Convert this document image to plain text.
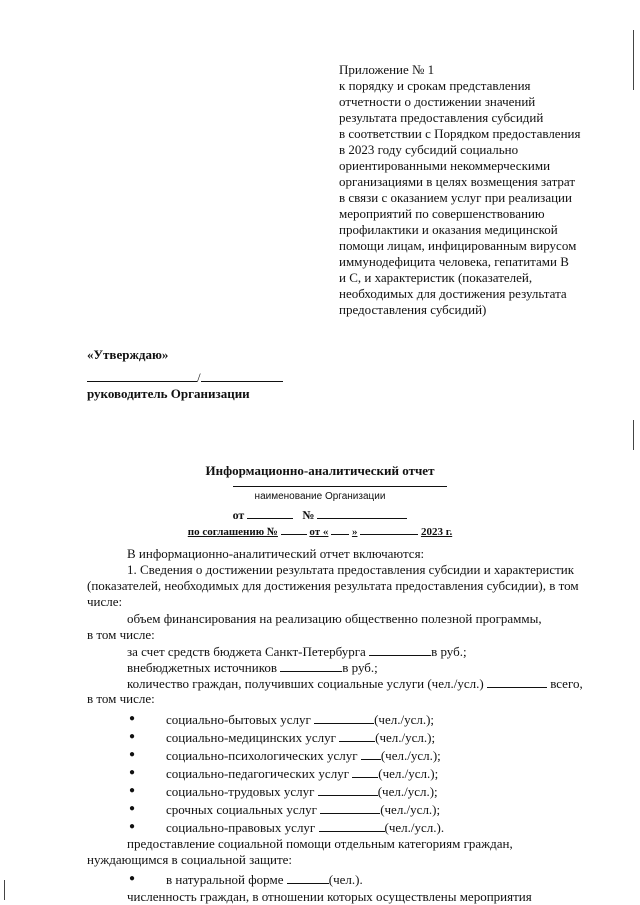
Приложение № 1
к порядку и срокам представления
отчетности о достижении значений
результата предоставления субсидий
в соответствии с Порядком предоставления
в 2023 году субсидий социально
ориентированными некоммерческими
организациями в целях возмещения затрат
в связи с оказанием услуг при реализации
мероприятий по совершенствованию
профилактики и оказания медицинской
помощи лицам, инфицированным вирусом
иммунодефицита человека, гепатитами В
и С, и характеристик (показателей,
необходимых для достижения результата
предоставления субсидий)
«Утверждаю»
/
руководитель Организации
Информационно-аналитический отчет
наименование Организации
от	№
по соглашению №	от « »	2023 г.
В информационно-аналитический отчет включаются:
1. Сведения о достижении результата предоставления субсидии и характеристик
(показателей, необходимых для достижения результата предоставления субсидии), в том
числе:
объем финансирования на реализацию общественно полезной программы,
в том числе:
за счет средств бюджета Санкт-Петербурга	в руб.;
внебюджетных источников	в руб.;
количество граждан, получивших социальные услуги (чел./усл.)	всего,
в том числе:
● социально-бытовых услуг	(чел./усл.);
● социально-медицинских услуг	(чел./усл.);
● социально-психологических услуг (чел./усл.);
● социально-педагогических услуг (чел./усл.);
● социально-трудовых услуг	(чел./усл.);
● срочных социальных услуг	(чел./усл.);
● социально-правовых услуг	(чел./усл.).
предоставление социальной помощи отдельным категориям граждан,
нуждающимся в социальной защите:
● в натуральной форме	(чел.).
численность граждан, в отношении которых осуществлены мероприятия
